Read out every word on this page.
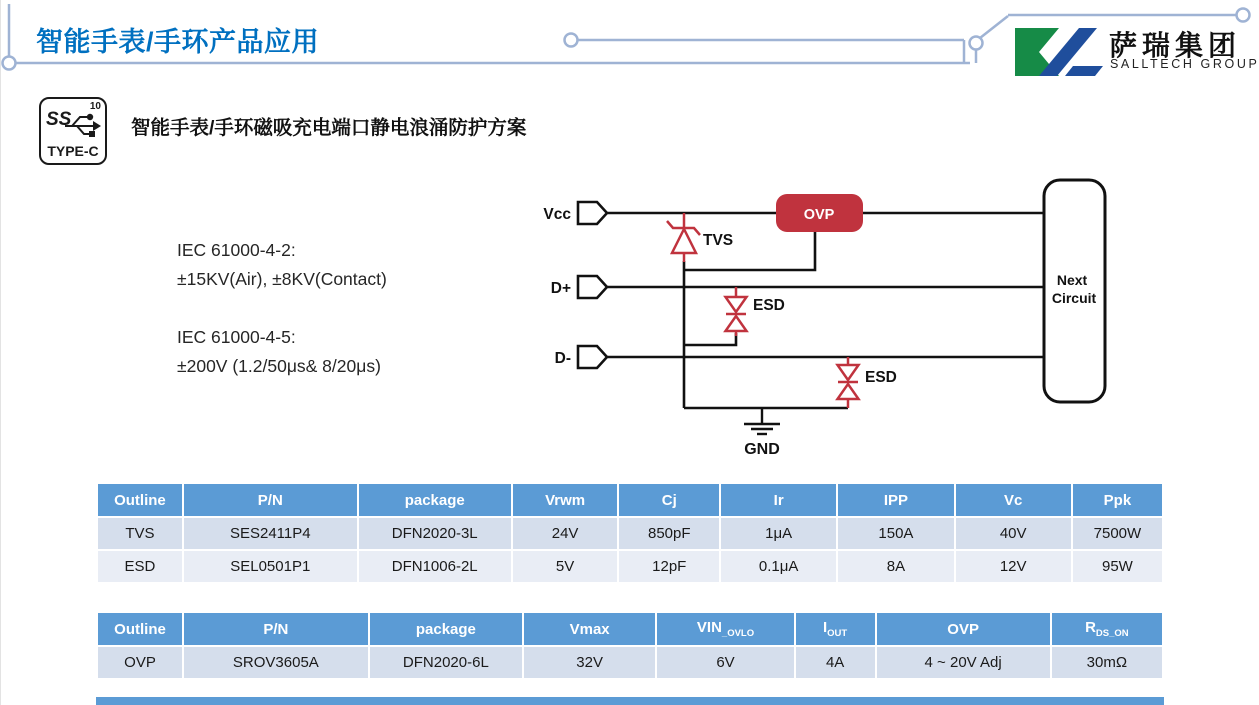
智能手表/手环产品应用	萨瑞集团
SALLTECH GROUP
SS
10
TYPE-C
智能手表/手环磁吸充电端口静电浪涌防护方案
IEC 61000-4-2:
±15KV(Air), ±8KV(Contact)
IEC 61000-4-5:
±200V (1.2/50μs& 8/20μs)
Vcc
D+
D-
TVS
ESD
ESD
OVP
GND
Next Circuit
Outline	P/N	package	Vrwm	Cj	Ir	IPP	Vc	Ppk
TVS	SES2411P4	DFN2020-3L	24V	850pF	1μA	150A	40V	7500W
ESD	SEL0501P1	DFN1006-2L	5V	12pF	0.1μA	8A	12V	95W
Outline	P/N	package	Vmax	$VIN_{\_OVLO}$	$I_{OUT}$	OVP	$R_{DS\_ON}$
OVP	SROV3605A	DFN2020-6L	32V	6V	4A	4 ~ 20V Adj	30mΩ
